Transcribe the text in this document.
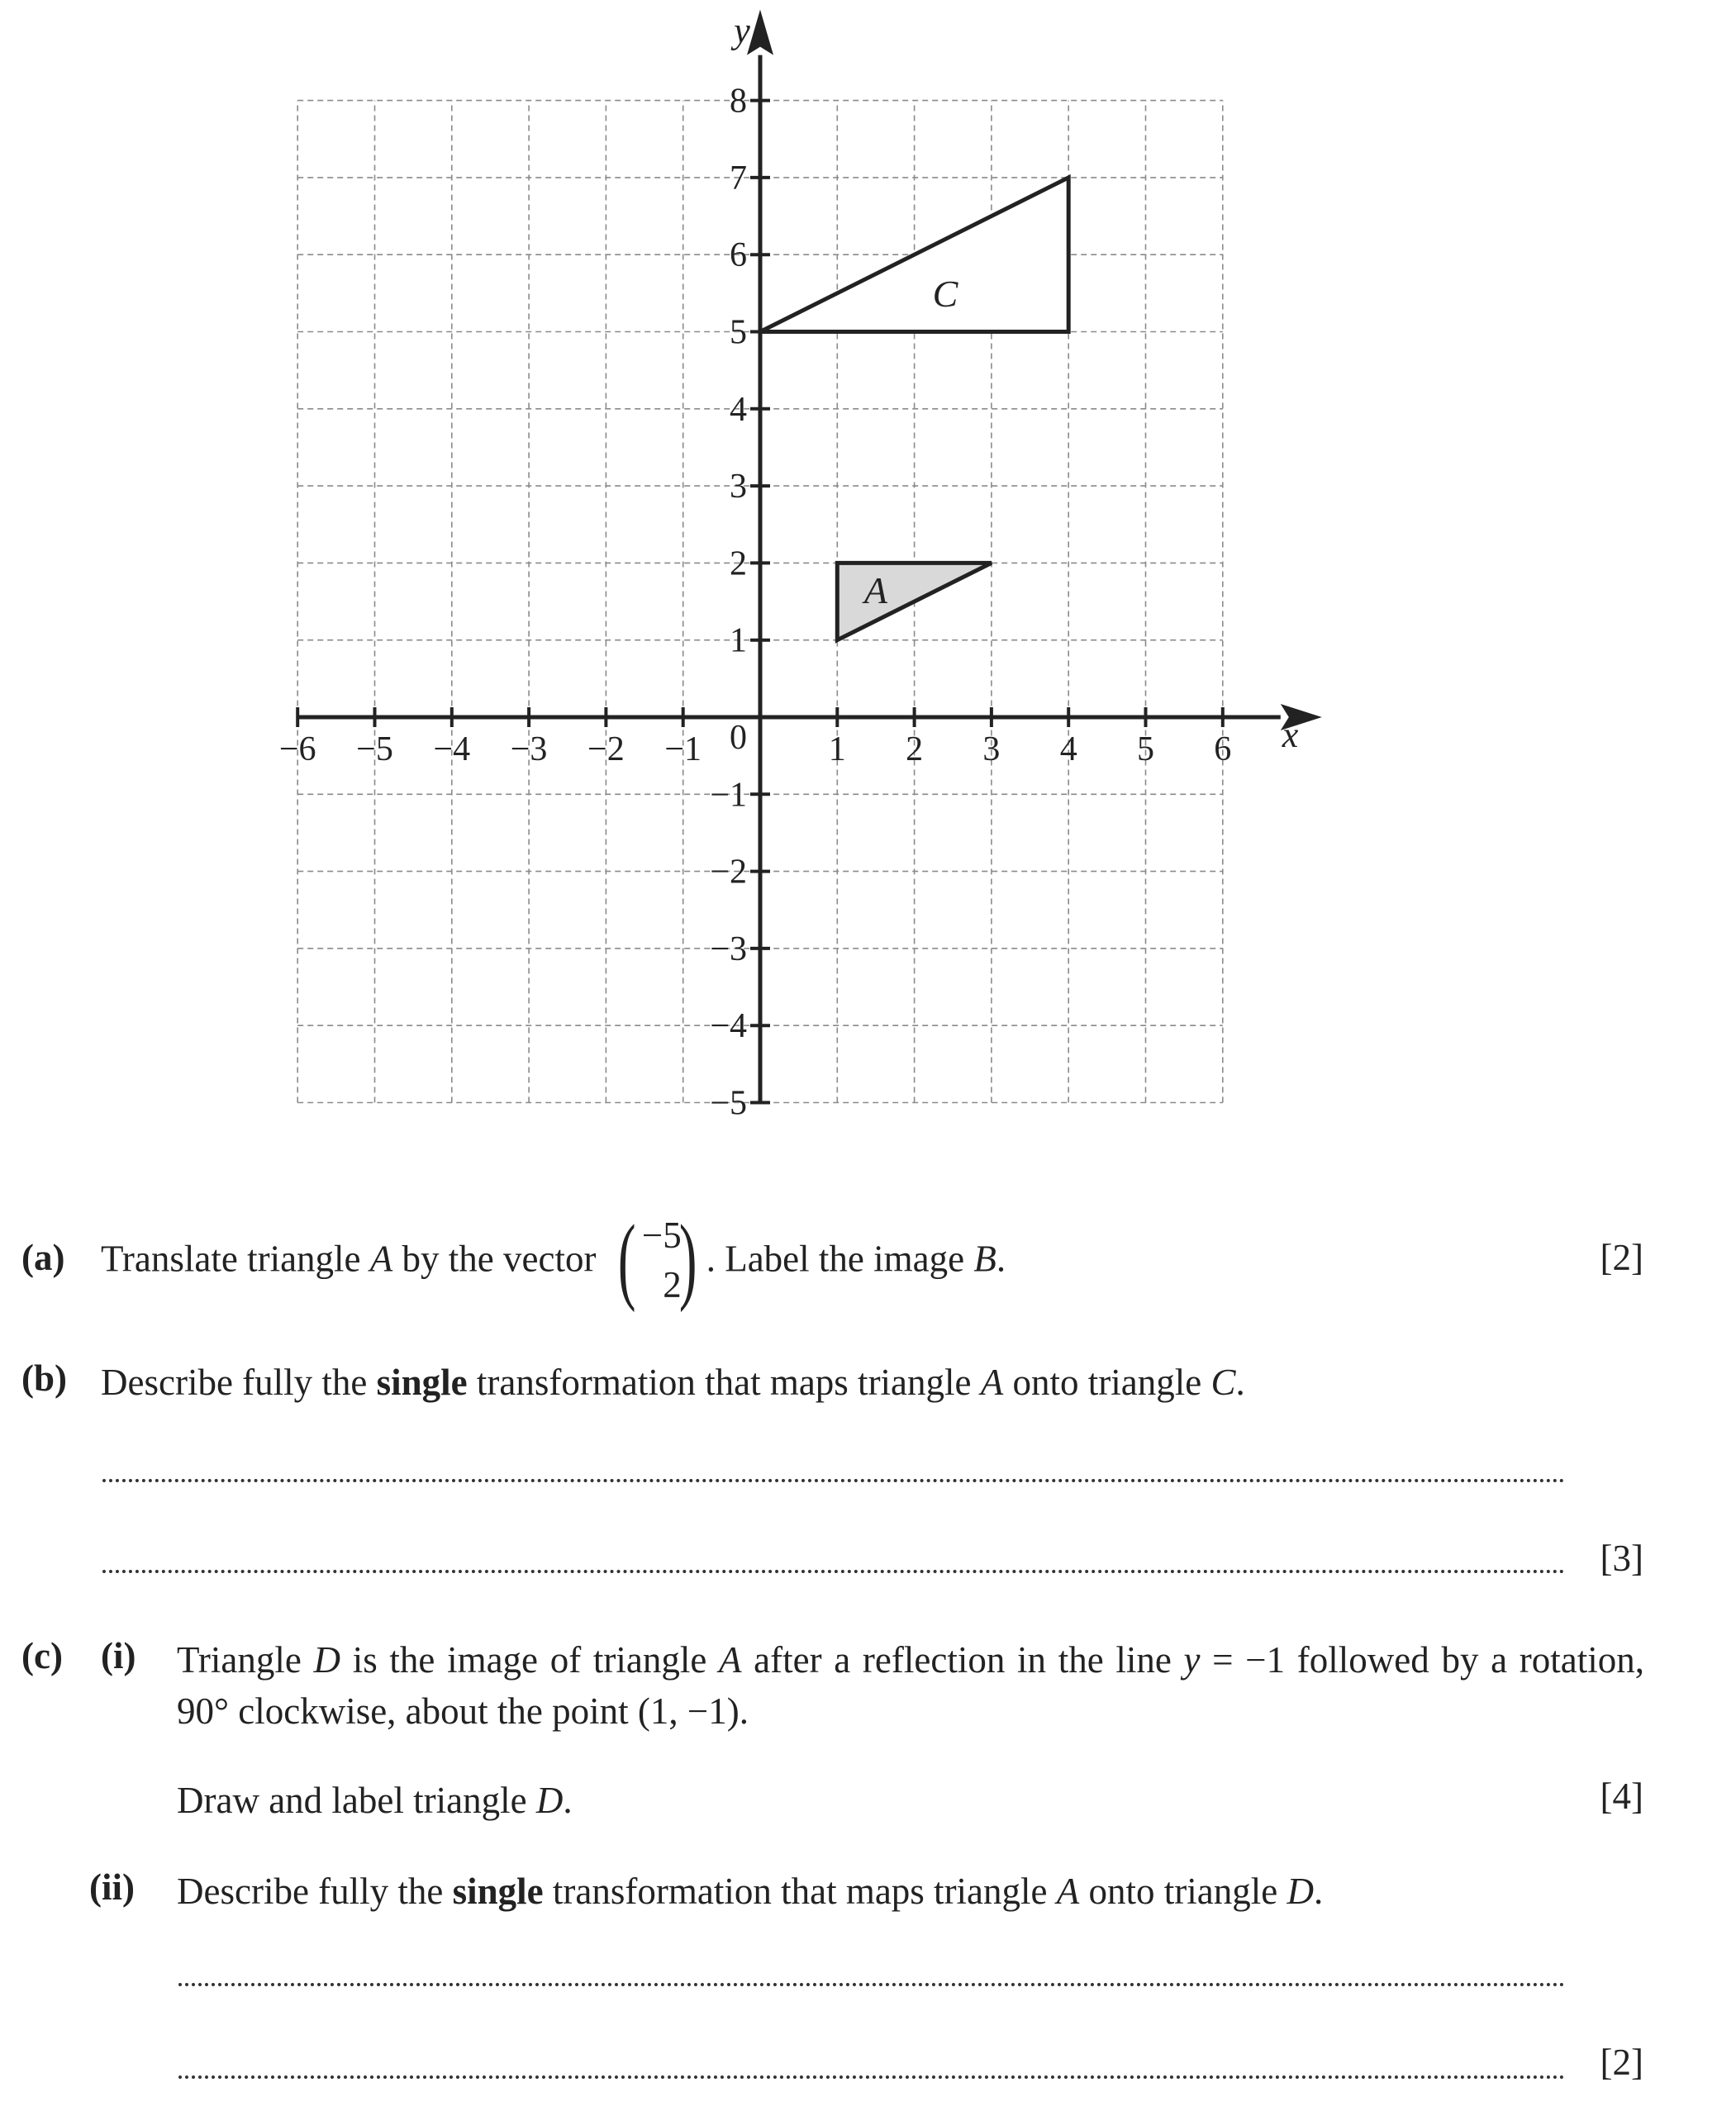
−6 −5 −4 −3 −2 −1	1 2 3 4 5 6
8
7
6
5
4
3
2
1
−1
−2
−3
−4
−5
C
A
x
y
0
(a) Translate triangle A by the vector ( −5
2
) . Label the image B.	[2]
(b) Describe fully the single transformation that maps triangle A onto triangle C.
[3]
(c) (i) Triangle D is the image of triangle A after a reflection in the line y = −1 followed by a rotation, 90° clockwise, about the point (1, −1).
Draw and label triangle D.	[4]
(ii) Describe fully the single transformation that maps triangle A onto triangle D.
[2]
